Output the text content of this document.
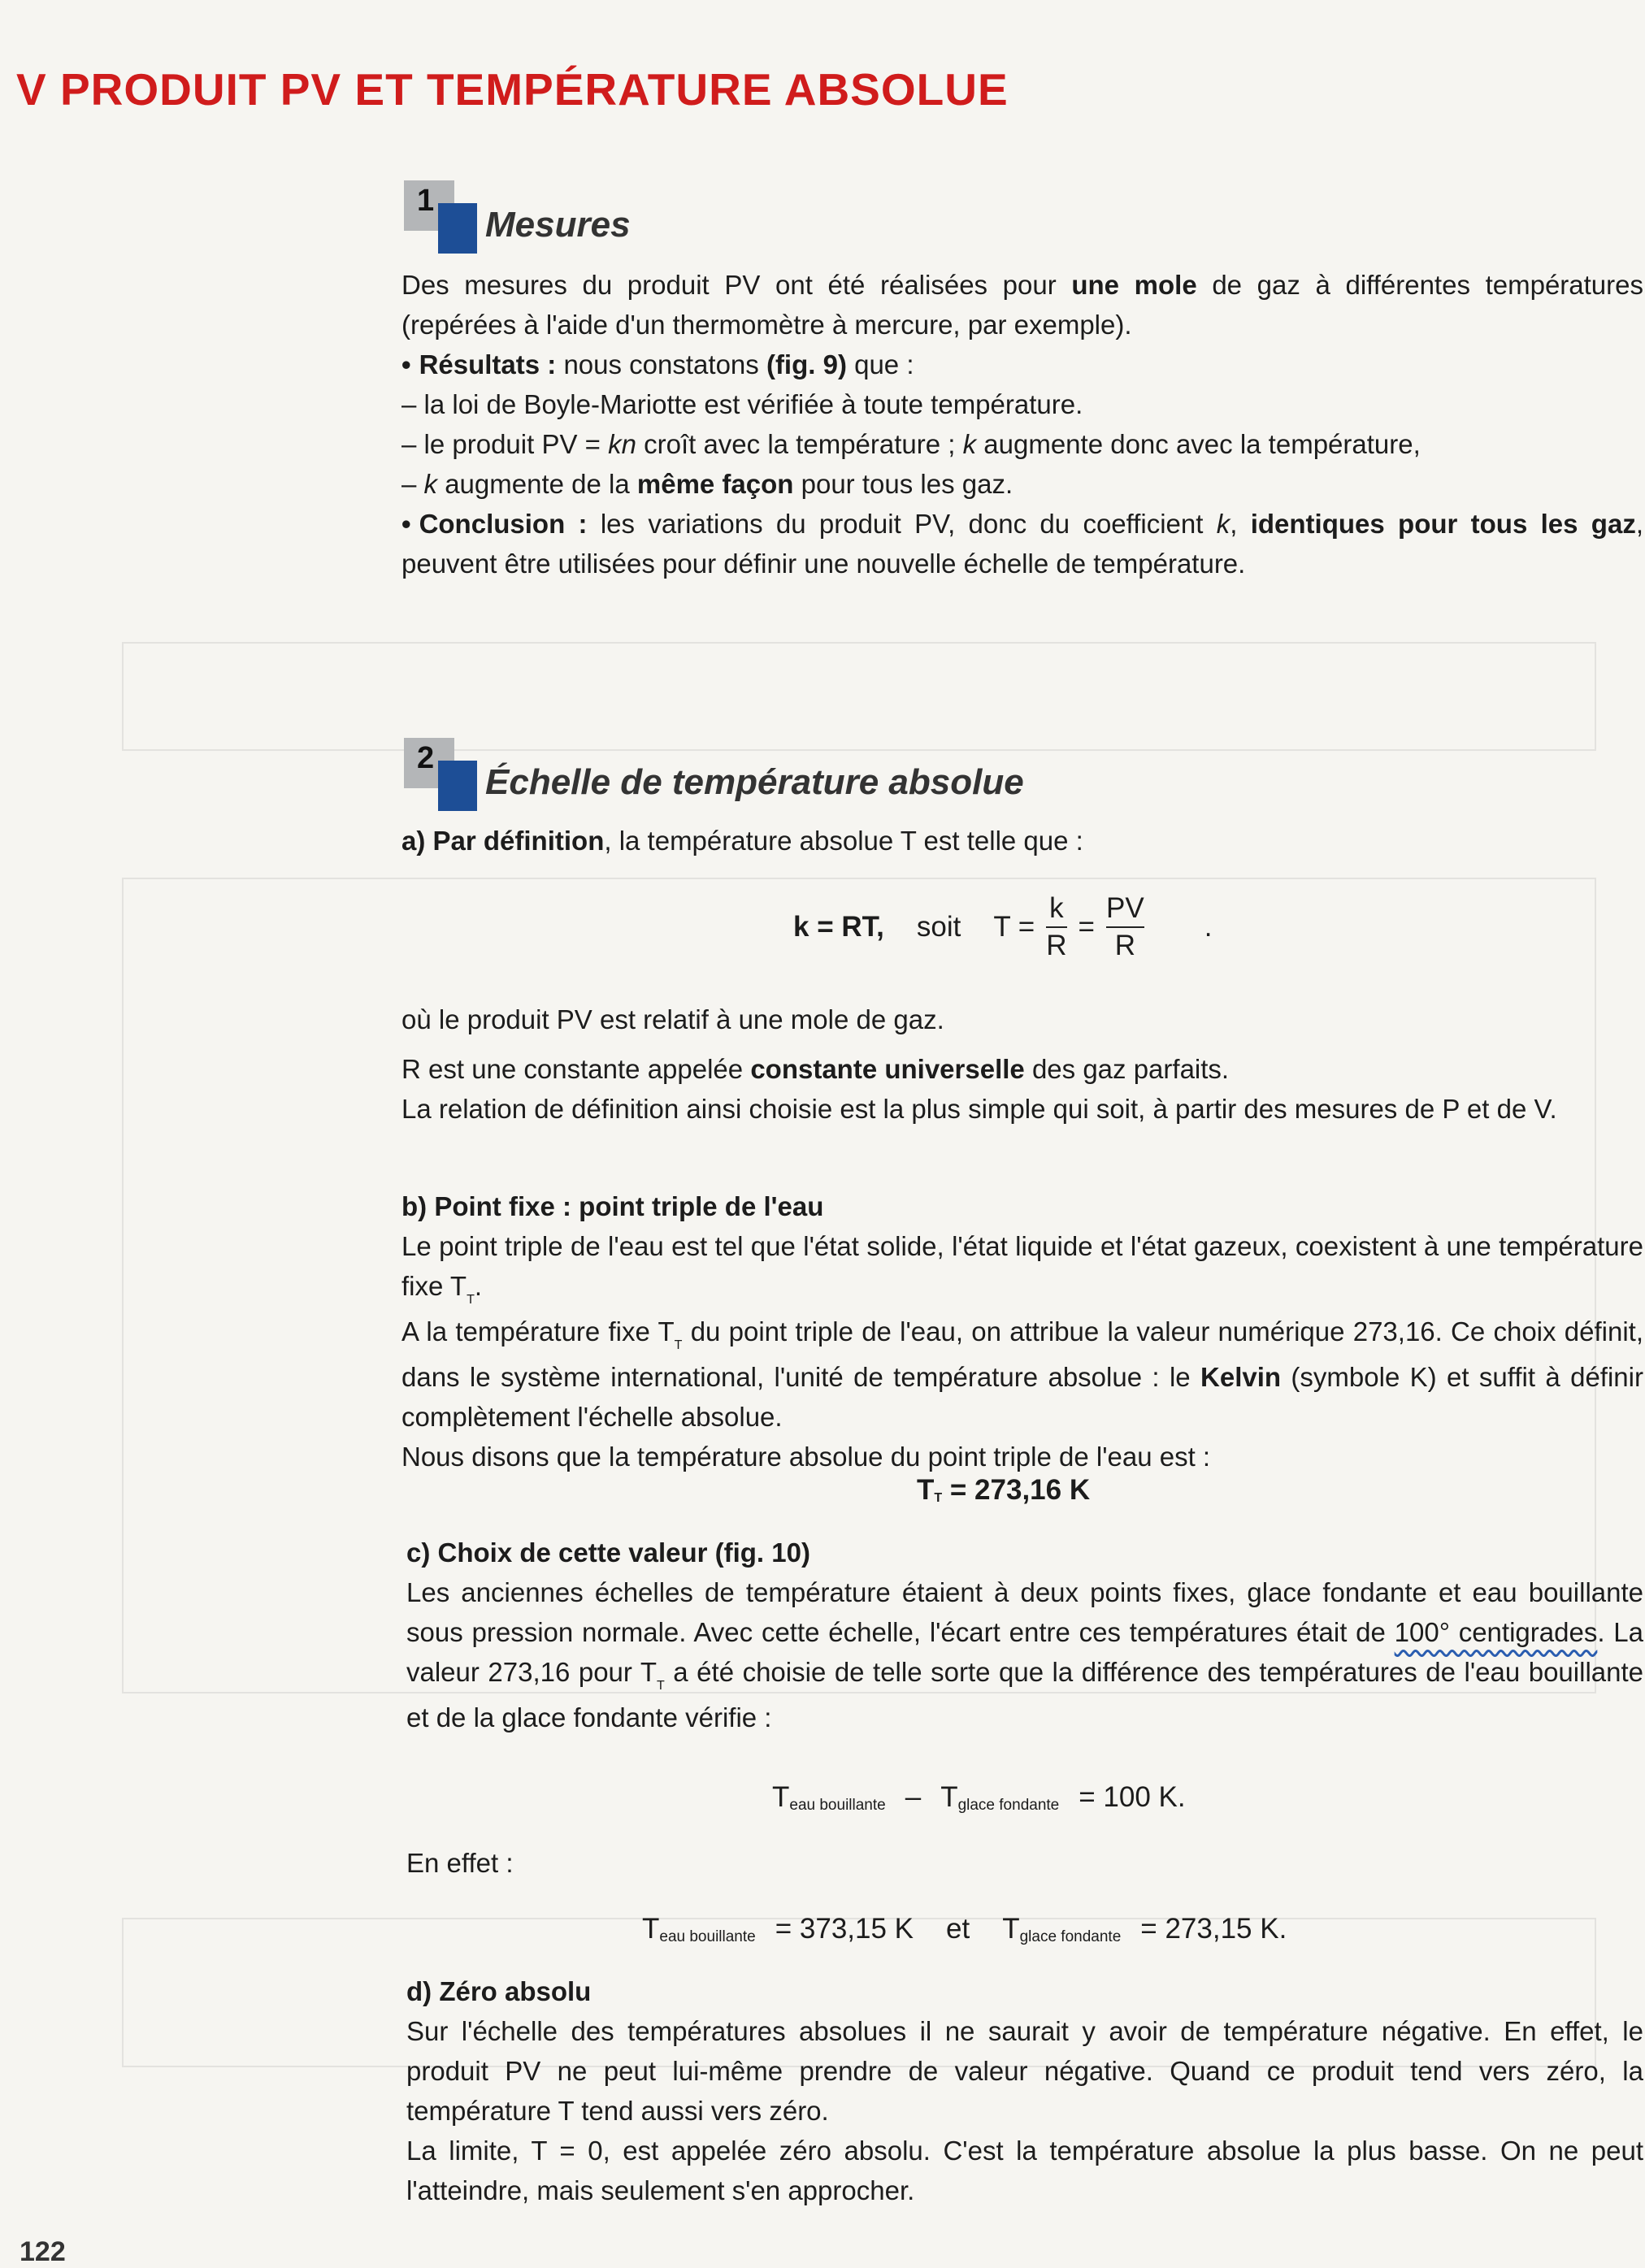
V PRODUIT PV ET TEMPÉRATURE ABSOLUE
1
Mesures

Des mesures du produit PV ont été réalisées pour une mole de gaz à différentes températures (repérées à l'aide d'un thermomètre à mercure, par exemple).

• Résultats : nous constatons (fig. 9) que :

– la loi de Boyle-Mariotte est vérifiée à toute température.

– le produit PV = kn croît avec la température ; k augmente donc avec la température,

– k augmente de la même façon pour tous les gaz.

• Conclusion : les variations du produit PV, donc du coefficient k, identiques pour tous les gaz, peuvent être utilisées pour définir une nouvelle échelle de température.

2
Échelle de température absolue

a) Par définition, la température absolue T est telle que :

k = RT, soit $T = \frac{k}{R} = \frac{PV}{R}$ .

où le produit PV est relatif à une mole de gaz.

R est une constante appelée constante universelle des gaz parfaits.

La relation de définition ainsi choisie est la plus simple qui soit, à partir des mesures de P et de V.

b) Point fixe : point triple de l'eau

Le point triple de l'eau est tel que l'état solide, l'état liquide et l'état gazeux, coexistent à une température fixe $T_T$.

A la température fixe $T_T$ du point triple de l'eau, on attribue la valeur numérique 273,16. Ce choix définit, dans le système international, l'unité de température absolue : le Kelvin (symbole K) et suffit à définir complètement l'échelle absolue.

Nous disons que la température absolue du point triple de l'eau est :

T T = 273,16 K

c) Choix de cette valeur (fig. 10)

Les anciennes échelles de température étaient à deux points fixes, glace fondante et eau bouillante sous pression normale. Avec cette échelle, l'écart entre ces températures était de 100° centigrades. La valeur 273,16 pour $T_T$ a été choisie de telle sorte que la différence des températures de l'eau bouillante et de la glace fondante vérifie :

T eau bouillante – T glace fondante = 100 K.

En effet :

T eau bouillante = 373,15 K et T glace fondante = 273,15 K.

d) Zéro absolu

Sur l'échelle des températures absolues il ne saurait y avoir de température négative. En effet, le produit PV ne peut lui-même prendre de valeur négative. Quand ce produit tend vers zéro, la température T tend aussi vers zéro.

La limite, T = 0, est appelée zéro absolu. C'est la température absolue la plus basse. On ne peut l'atteindre, mais seulement s'en approcher.

122
